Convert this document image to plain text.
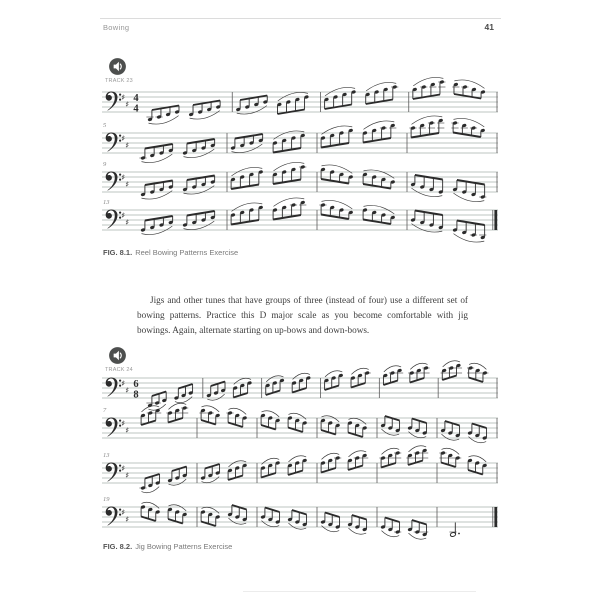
Bowing	41
TRACK 23
TRACK 24
FIG. 8.1. Reel Bowing Patterns Exercise

Jigs and other tunes that have groups of three (instead of four) use a different set of bowing patterns. Practice this D major scale as you become comfortable with jig bowings. Again, alternate starting on up-bows and down-bows.

FIG. 8.2. Jig Bowing Patterns Exercise
♯
♯
4
4
5
♯
♯
9
♯
♯
13
♯
♯
♯
♯
6
8
7
♯
♯
13
♯
♯
19
♯
♯
